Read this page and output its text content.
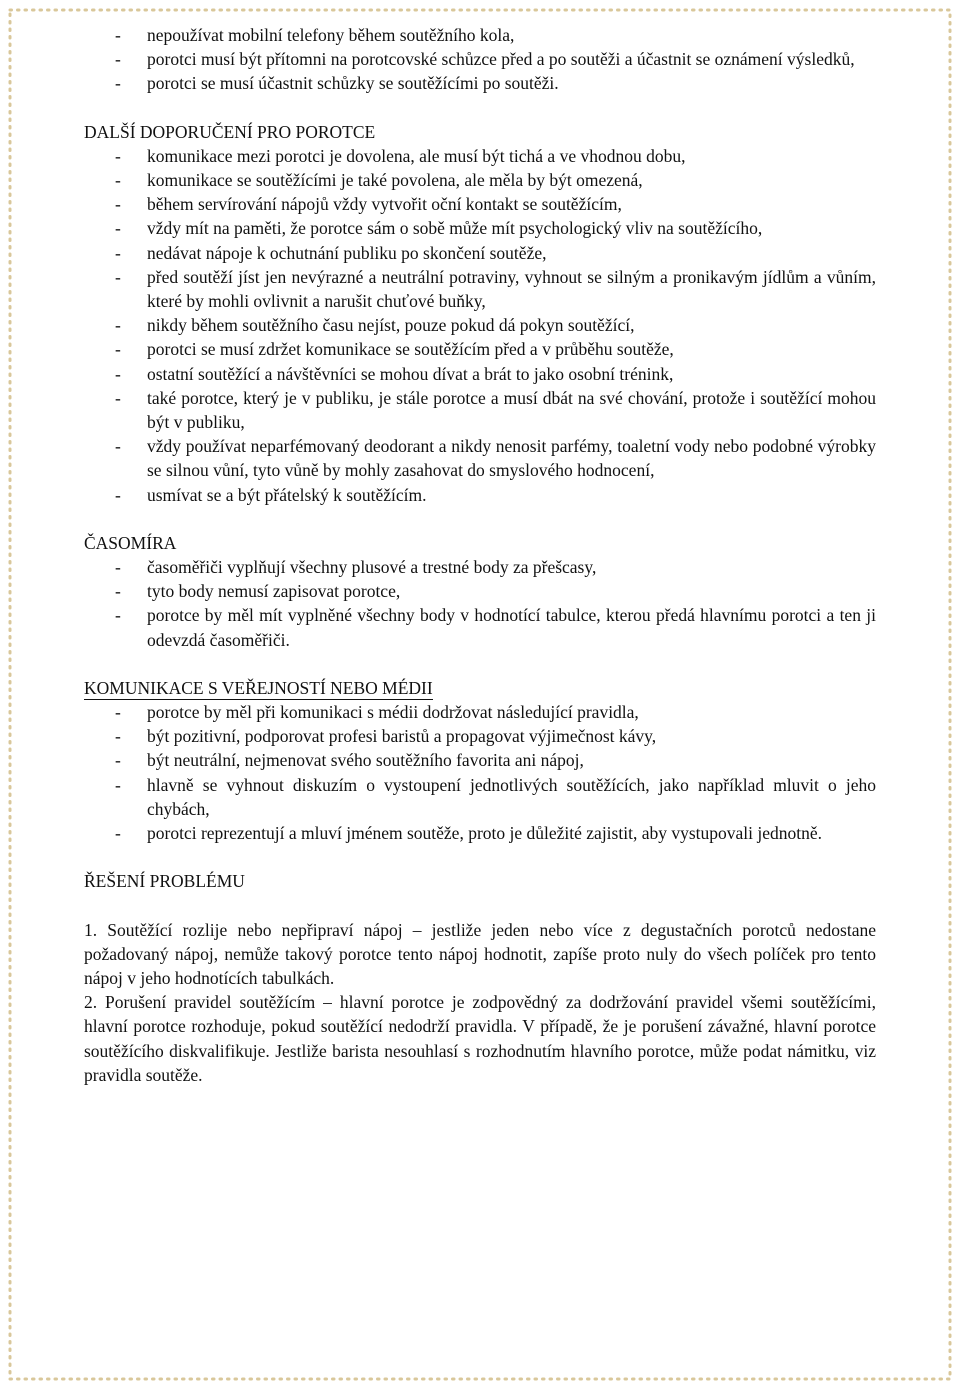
- nepoužívat mobilní telefony během soutěžního kola,
- porotci musí být přítomni na porotcovské schůzce před a po soutěži a účastnit se oznámení výsledků,
- porotci se musí účastnit schůzky se soutěžícími po soutěži.
DALŠÍ DOPORUČENÍ PRO POROTCE
- komunikace mezi porotci je dovolena, ale musí být tichá a ve vhodnou dobu,
- komunikace se soutěžícími je také povolena, ale měla by být omezená,
- během servírování nápojů vždy vytvořit oční kontakt se soutěžícím,
- vždy mít na paměti, že porotce sám o sobě může mít psychologický vliv na soutěžícího,
- nedávat nápoje k ochutnání publiku po skončení soutěže,
- před soutěží jíst jen nevýrazné a neutrální potraviny, vyhnout se silným a pronikavým jídlům a vůním, které by mohli ovlivnit a narušit chuťové buňky,
- nikdy během soutěžního času nejíst, pouze pokud dá pokyn soutěžící,
- porotci se musí zdržet komunikace se soutěžícím před a v průběhu soutěže,
- ostatní soutěžící a návštěvníci se mohou dívat a brát to jako osobní trénink,
- také porotce, který je v publiku, je stále porotce a musí dbát na své chování, protože i soutěžící mohou být v publiku,
- vždy používat neparfémovaný deodorant a nikdy nenosit parfémy, toaletní vody nebo podobné výrobky se silnou vůní, tyto vůně by mohly zasahovat do smyslového hodnocení,
- usmívat se a být přátelský k soutěžícím.
ČASOMÍRA
- časoměřiči vyplňují všechny plusové a trestné body za přešcasy,
- tyto body nemusí zapisovat porotce,
- porotce by měl mít vyplněné všechny body v hodnotící tabulce, kterou předá hlavnímu porotci a ten ji odevzdá časoměřiči.
KOMUNIKACE S VEŘEJNOSTÍ NEBO MÉDII
- porotce by měl při komunikaci s médii dodržovat následující pravidla,
- být pozitivní, podporovat profesi baristů a propagovat výjimečnost kávy,
- být neutrální, nejmenovat svého soutěžního favorita ani nápoj,
- hlavně se vyhnout diskuzím o vystoupení jednotlivých soutěžících, jako například mluvit o jeho chybách,
- porotci reprezentují a mluví jménem soutěže, proto je důležité zajistit, aby vystupovali jednotně.
ŘEŠENÍ PROBLÉMU
1. Soutěžící rozlije nebo nepřipraví nápoj – jestliže jeden nebo více z degustačních porotců nedostane požadovaný nápoj, nemůže takový porotce tento nápoj hodnotit, zapíše proto nuly do všech políček pro tento nápoj v jeho hodnotících tabulkách.
2. Porušení pravidel soutěžícím – hlavní porotce je zodpovědný za dodržování pravidel všemi soutěžícími, hlavní porotce rozhoduje, pokud soutěžící nedodrží pravidla. V případě, že je porušení závažné, hlavní porotce soutěžícího diskvalifikuje. Jestliže barista nesouhlasí s rozhodnutím hlavního porotce, může podat námitku, viz pravidla soutěže.
